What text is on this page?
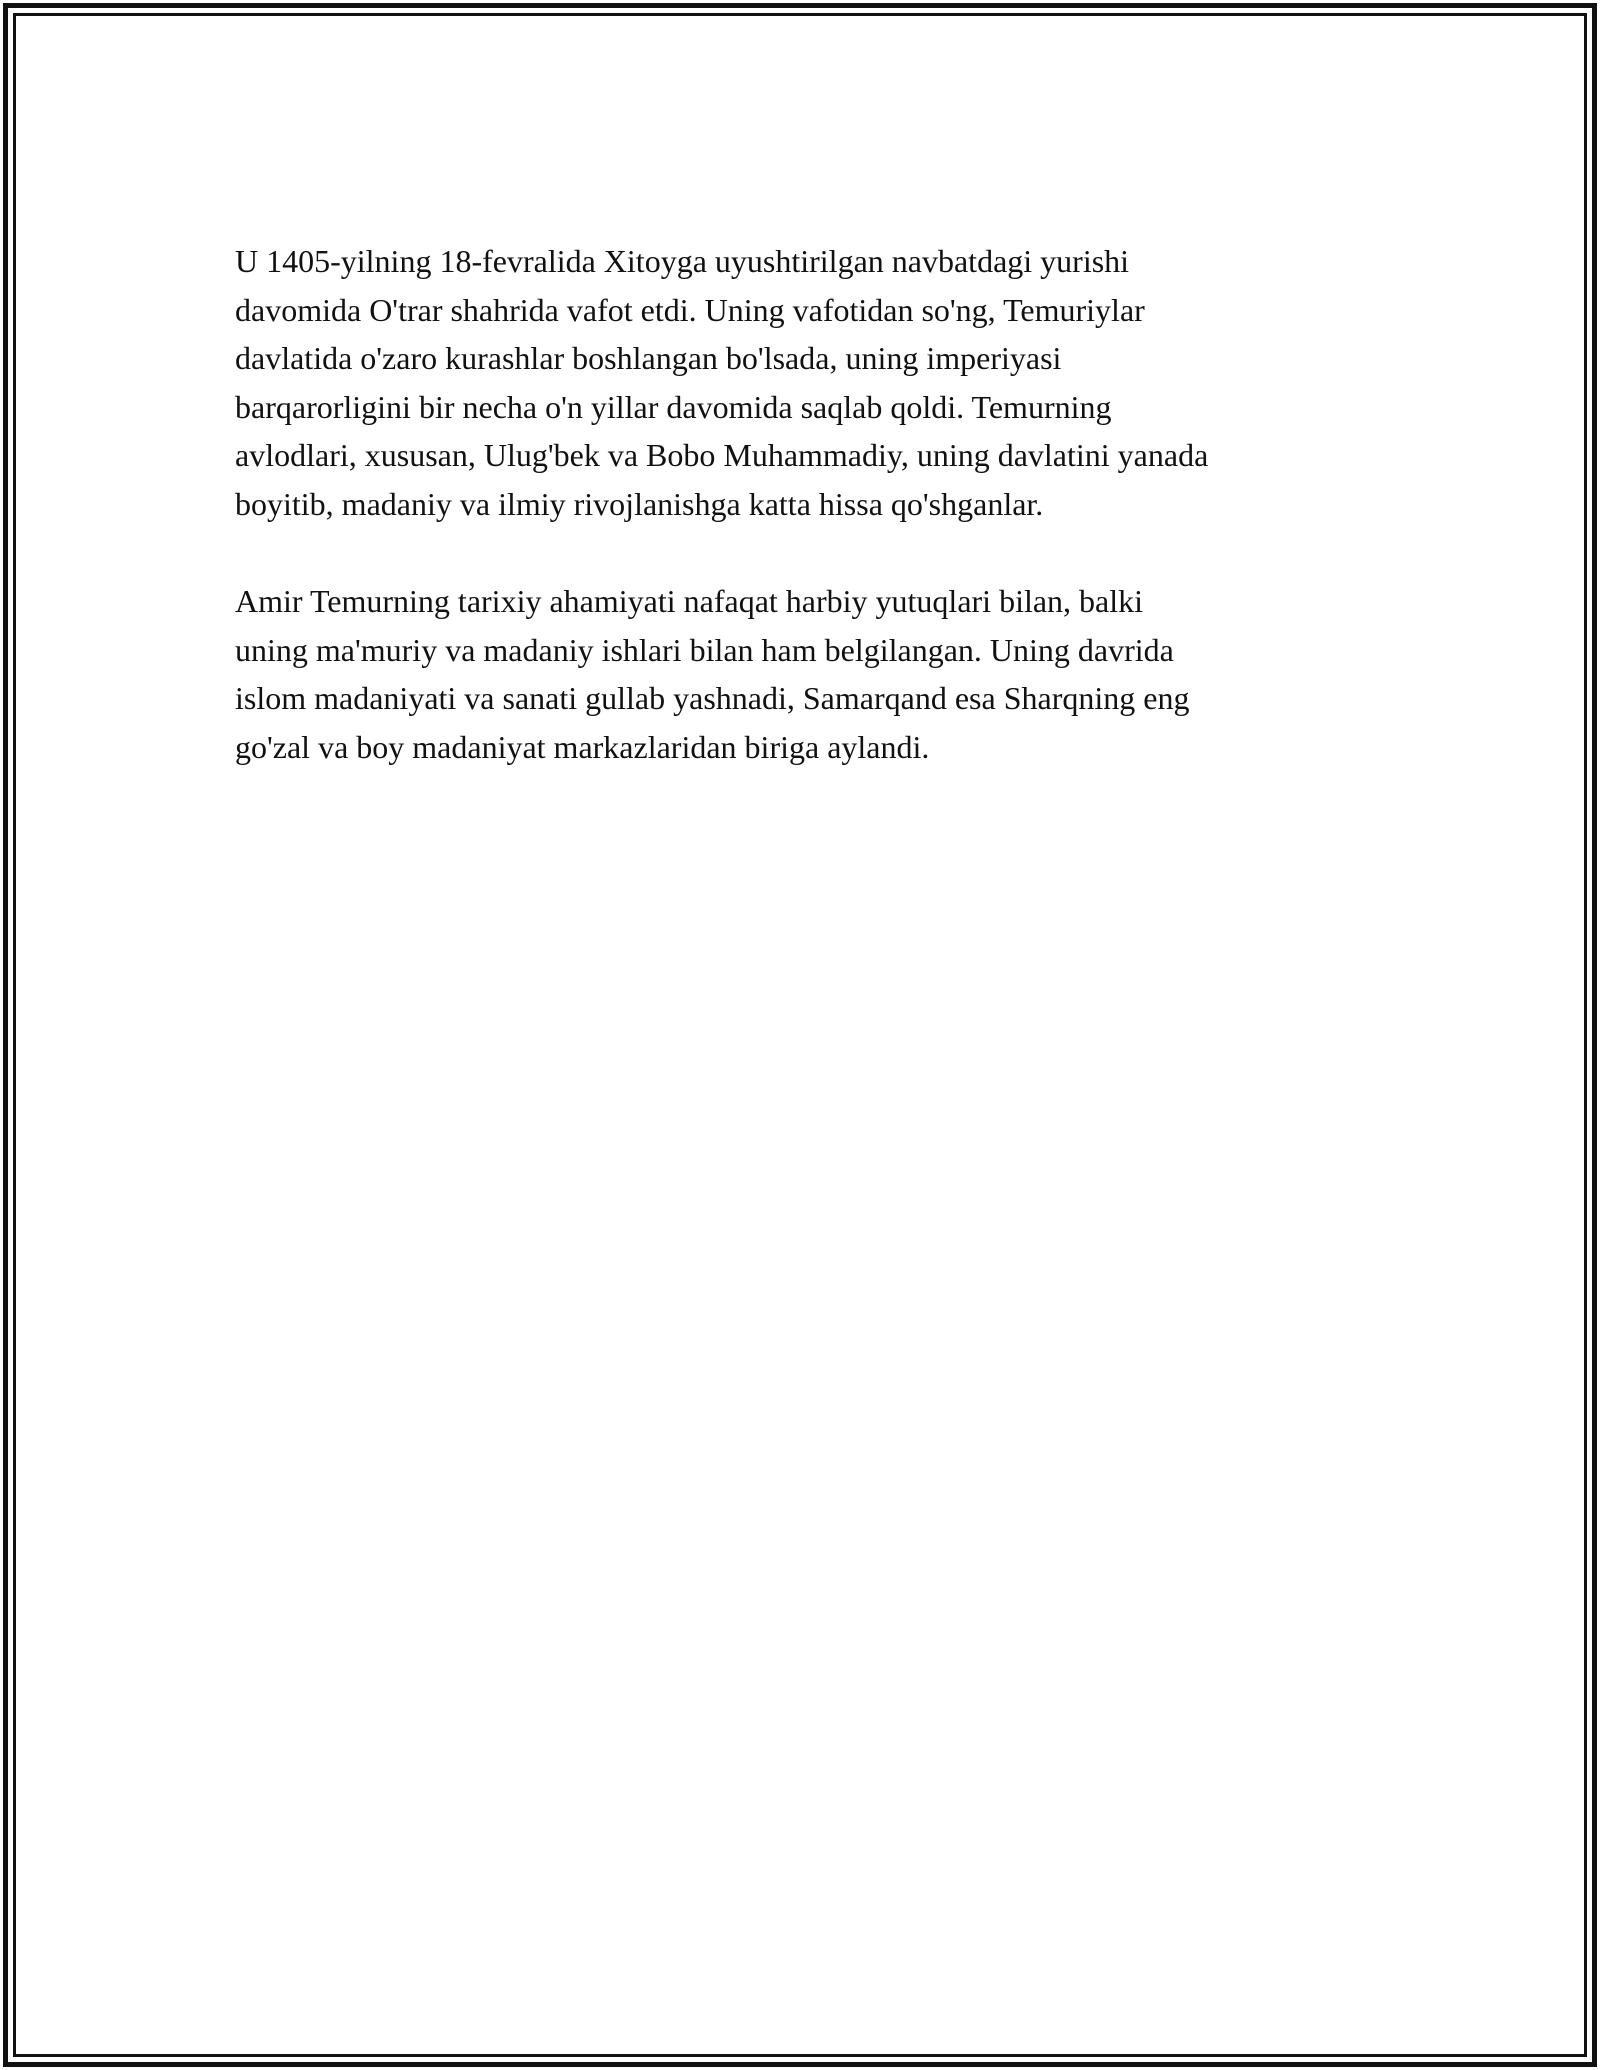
U 1405-yilning 18-fevralida Xitoyga uyushtirilgan navbatdagi yurishi
davomida O'trar shahrida vafot etdi. Uning vafotidan so'ng, Temuriylar
davlatida o'zaro kurashlar boshlangan bo'lsada, uning imperiyasi
barqarorligini bir necha o'n yillar davomida saqlab qoldi. Temurning
avlodlari, xususan, Ulug'bek va Bobo Muhammadiy, uning davlatini yanada
boyitib, madaniy va ilmiy rivojlanishga katta hissa qo'shganlar.

Amir Temurning tarixiy ahamiyati nafaqat harbiy yutuqlari bilan, balki
uning ma'muriy va madaniy ishlari bilan ham belgilangan. Uning davrida
islom madaniyati va sanati gullab yashnadi, Samarqand esa Sharqning eng
go'zal va boy madaniyat markazlaridan biriga aylandi.
